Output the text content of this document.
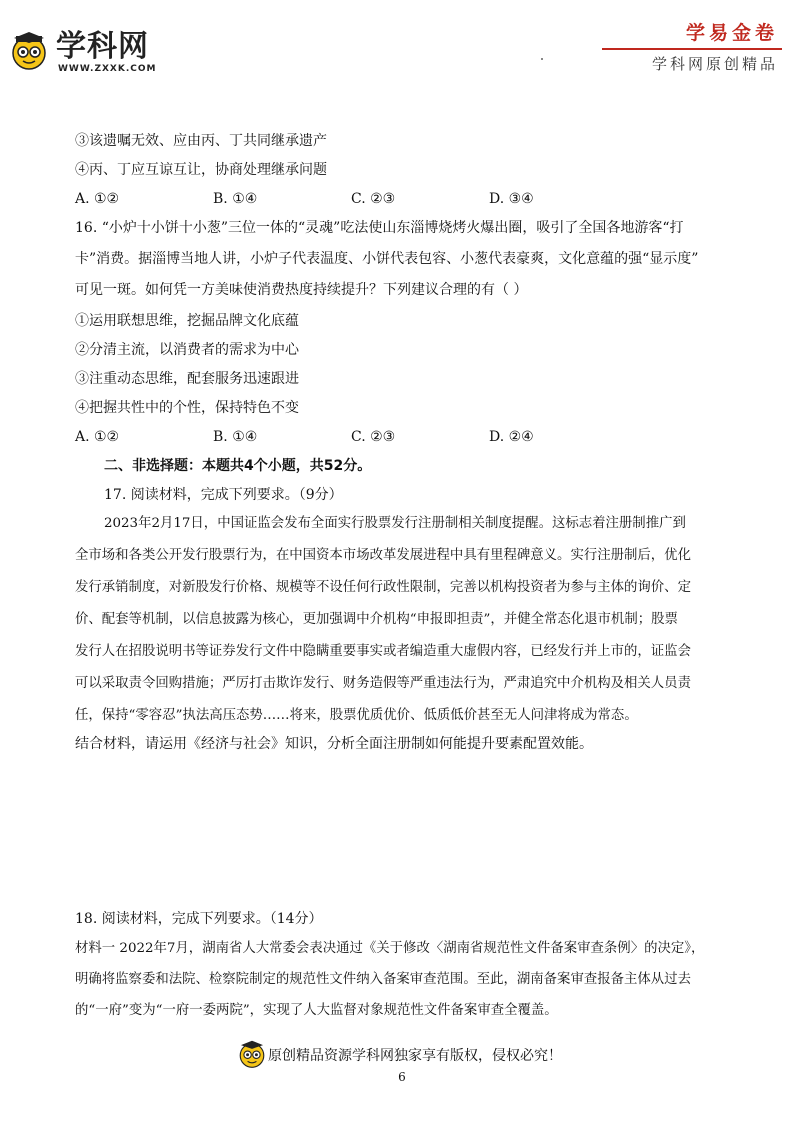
学科网
WWW.ZXXK.COM
学易金卷
学科网原创精品
③该遗嘱无效、应由丙、丁共同继承遗产
④丙、丁应互谅互让，协商处理继承问题
A. ①②	B. ①④	C. ②③	D. ③④
16. “小炉十小饼十小葱”三位一体的“灵魂”吃法使山东淄博烧烤火爆出圈，吸引了全国各地游客“打
卡”消费。据淄博当地人讲，小炉子代表温度、小饼代表包容、小葱代表豪爽，文化意蕴的强“显示度”
可见一斑。如何凭一方美味使消费热度持续提升？下列建议合理的有（ ）
①运用联想思维，挖掘品牌文化底蕴
②分清主流，以消费者的需求为中心
③注重动态思维，配套服务迅速跟进
④把握共性中的个性，保持特色不变
A. ①②	B. ①④	C. ②③	D. ②④
二、非选择题：本题共4个小题，共52分。
17. 阅读材料，完成下列要求。（9分）
2023年2月17日，中国证监会发布全面实行股票发行注册制相关制度提醒。这标志着注册制推广到
全市场和各类公开发行股票行为，在中国资本市场改革发展进程中具有里程碑意义。实行注册制后，优化
发行承销制度，对新股发行价格、规模等不设任何行政性限制，完善以机构投资者为参与主体的询价、定
价、配套等机制，以信息披露为核心，更加强调中介机构“申报即担责”，并健全常态化退市机制；股票
发行人在招股说明书等证券发行文件中隐瞒重要事实或者编造重大虚假内容，已经发行并上市的，证监会
可以采取责令回购措施；严厉打击欺诈发行、财务造假等严重违法行为，严肃追究中介机构及相关人员责
任，保持“零容忍”执法高压态势……将来，股票优质优价、低质低价甚至无人问津将成为常态。
结合材料，请运用《经济与社会》知识，分析全面注册制如何能提升要素配置效能。
18. 阅读材料，完成下列要求。（14分）
材料一 2022年7月，湖南省人大常委会表决通过《关于修改〈湖南省规范性文件备案审查条例〉的决定》，
明确将监察委和法院、检察院制定的规范性文件纳入备案审查范围。至此，湖南备案审查报备主体从过去
的“一府”变为“一府一委两院”，实现了人大监督对象规范性文件备案审查全覆盖。
原创精品资源学科网独家享有版权，侵权必究！
6
